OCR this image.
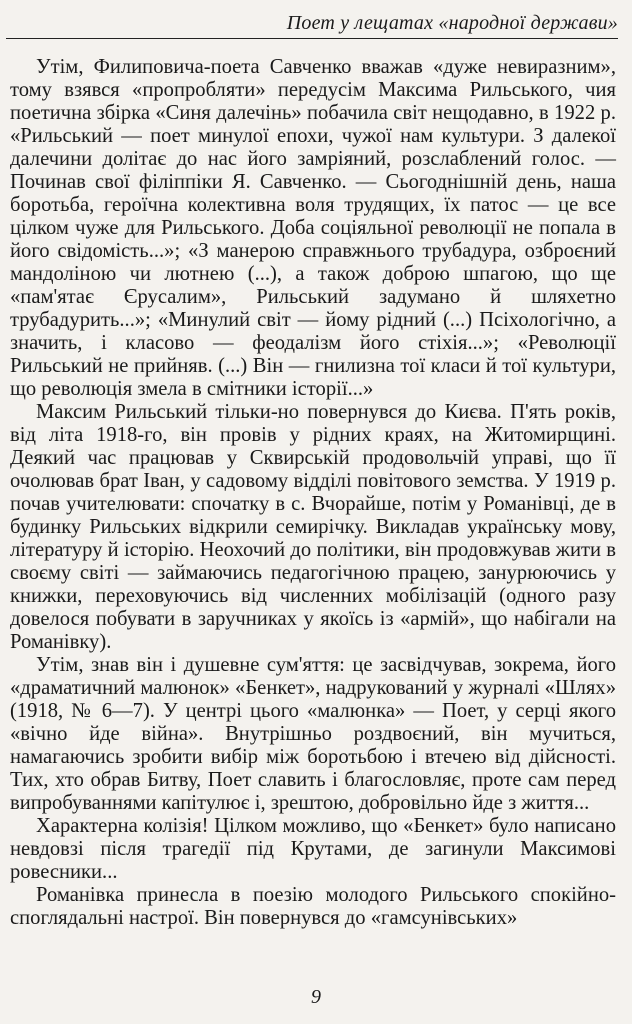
Поет у лещатах «народної держави»

Утім, Филиповича-поета Савченко вважав «дуже невиразним», тому взявся «пропробляти» передусім Максима Рильського, чия поетична збірка «Синя далечінь» побачила світ нещодавно, в 1922 р. «Рильський — поет минулої епохи, чужої нам культури. З далекої далечини долітає до нас його замріяний, розслаблений голос. — Починав свої філіппіки Я. Савченко. — Сьогоднішній день, наша боротьба, героїчна колективна воля трудящих, їх патос — це все цілком чуже для Рильського. Доба соціяльної революції не попала в його свідомість...»; «З манерою справжнього трубадура, озброєний мандоліною чи лютнею (...), а також доброю шпагою, що ще «пам'ятає Єрусалим», Рильський задумано й шляхетно трубадурить...»; «Минулий світ — йому рідний (...) Псіхологічно, а значить, і класово — феодалізм його стіхія...»; «Революції Рильський не прийняв. (...) Він — гнилизна тої класи й тої культури, що революція змела в смітники історії...»

Максим Рильський тільки-но повернувся до Києва. П'ять років, від літа 1918-го, він провів у рідних краях, на Житомирщині. Деякий час працював у Сквирській продовольчій управі, що її очолював брат Іван, у садовому відділі повітового земства. У 1919 р. почав учителювати: спочатку в с. Вчорайше, потім у Романівці, де в будинку Рильських відкрили семирічку. Викладав українську мову, літературу й історію. Неохочий до політики, він продовжував жити в своєму світі — займаючись педагогічною працею, занурюючись у книжки, переховуючись від численних мобілізацій (одного разу довелося побувати в заручниках у якоїсь із «армій», що набігали на Романівку).

Утім, знав він і душевне сум'яття: це засвідчував, зокрема, його «драматичний малюнок» «Бенкет», надрукований у журналі «Шлях» (1918, № 6—7). У центрі цього «малюнка» — Поет, у серці якого «вічно йде війна». Внутрішньо роздвоєний, він мучиться, намагаючись зробити вибір між боротьбою і втечею від дійсності. Тих, хто обрав Битву, Поет славить і благословляє, проте сам перед випробуваннями капітулює і, зрештою, добровільно йде з життя...

Характерна колізія! Цілком можливо, що «Бенкет» було написано невдовзі після трагедії під Крутами, де загинули Максимові ровесники...

Романівка принесла в поезію молодого Рильського спокійно-споглядальні настрої. Він повернувся до «гамсунівських»

9
